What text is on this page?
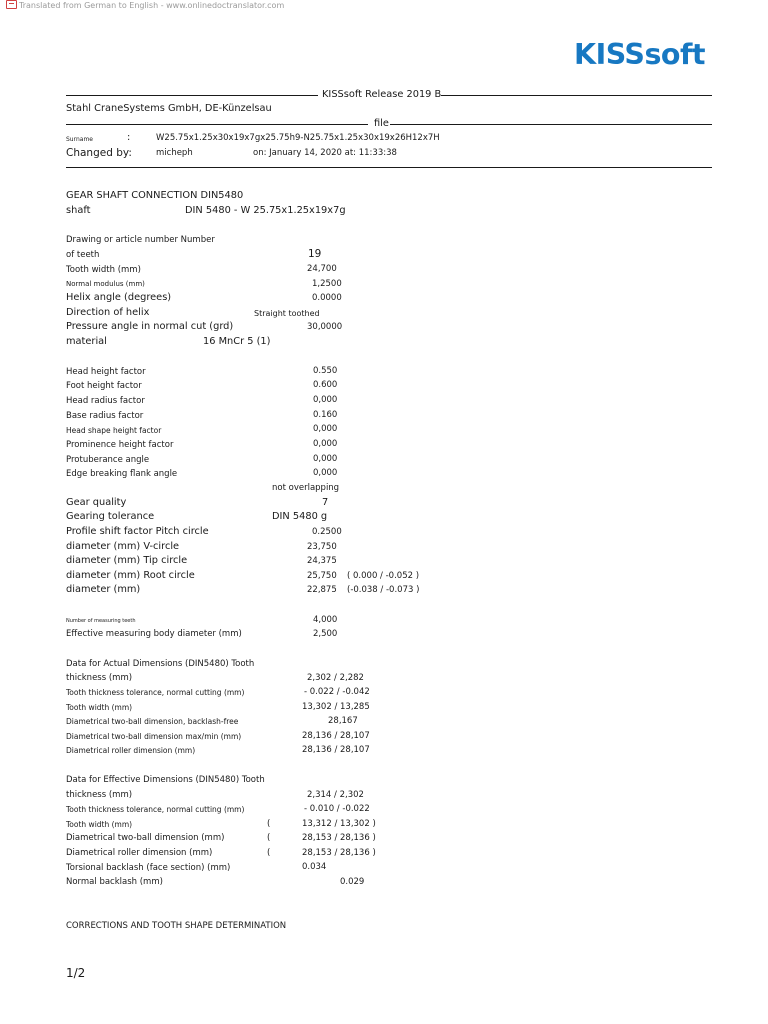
Translated from German to English - www.onlinedoctranslator.com
KISSsoft
KISSsoft Release 2019 B
Stahl CraneSystems GmbH, DE-Künzelsau
file
Surname	:	W25.75x1.25x30x19x7gx25.75h9-N25.75x1.25x30x19x26H12x7H
Changed by:	micheph	on: January 14, 2020 at: 11:33:38
GEAR SHAFT CONNECTION DIN5480
shaft	DIN 5480 - W 25.75x1.25x19x7g
Drawing or article number Number
of teeth	19
Tooth width (mm)	24,700
Normal modulus (mm)	1,2500
Helix angle (degrees)	0.0000
Direction of helix	Straight toothed
Pressure angle in normal cut (grd)	30,0000
material	16 MnCr 5 (1)
Head height factor	0.550
Foot height factor	0.600
Head radius factor	0,000
Base radius factor	0.160
Head shape height factor	0,000
Prominence height factor	0,000
Protuberance angle	0,000
Edge breaking flank angle	0,000
not overlapping
Gear quality	7
Gearing tolerance	DIN 5480 g
Profile shift factor Pitch circle	0.2500
diameter (mm) V-circle	23,750
diameter (mm) Tip circle	24,375
diameter (mm) Root circle	25,750 ( 0.000 / -0.052 )
diameter (mm)	22,875 (-0.038 / -0.073 )
Number of measuring teeth	4,000
Effective measuring body diameter (mm)	2,500
Data for Actual Dimensions (DIN5480) Tooth
thickness (mm)	2,302 / 2,282
Tooth thickness tolerance, normal cutting (mm)	- 0.022 / -0.042
Tooth width (mm)	13,302 / 13,285
Diametrical two-ball dimension, backlash-free	28,167
Diametrical two-ball dimension max/min (mm)	28,136 / 28,107
Diametrical roller dimension (mm)	28,136 / 28,107
Data for Effective Dimensions (DIN5480) Tooth
thickness (mm)	2,314 / 2,302
Tooth thickness tolerance, normal cutting (mm)	- 0.010 / -0.022
Tooth width (mm)	(	13,312 / 13,302 )
Diametrical two-ball dimension (mm)	(	28,153 / 28,136 )
Diametrical roller dimension (mm)	(	28,153 / 28,136 )
Torsional backlash (face section) (mm)	0.034
Normal backlash (mm)	0.029
CORRECTIONS AND TOOTH SHAPE DETERMINATION
1/2
